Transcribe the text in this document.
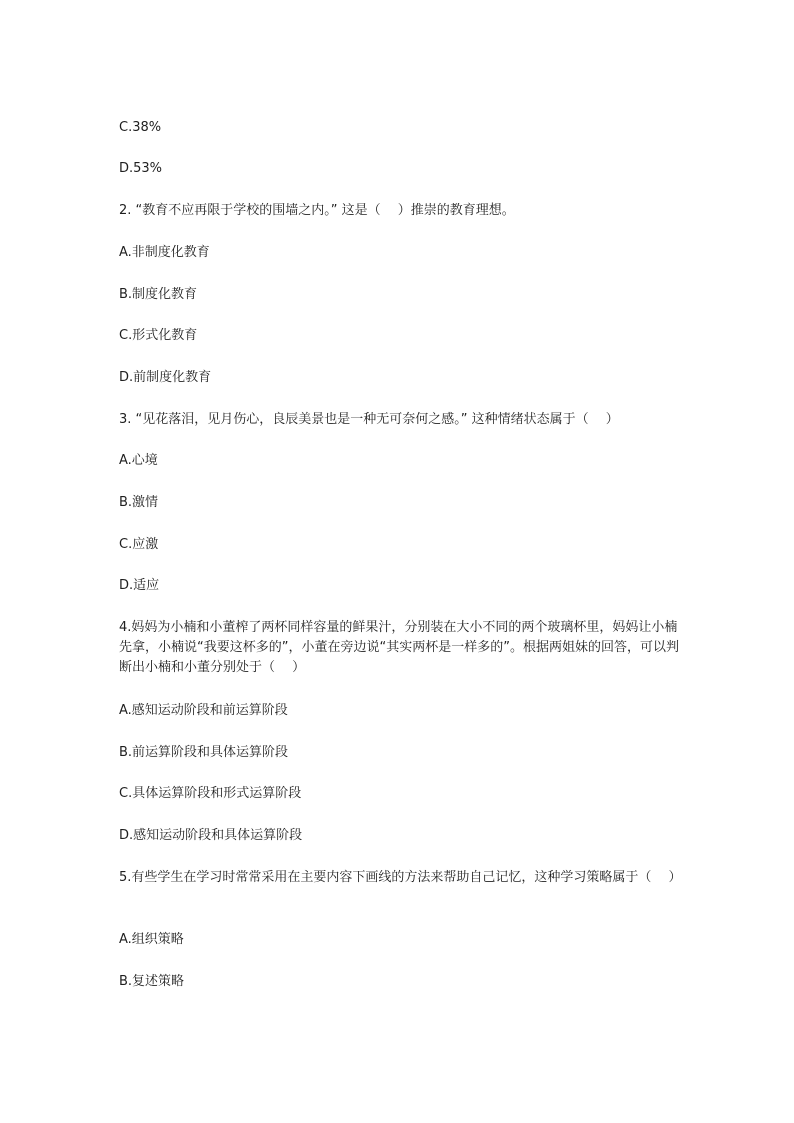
C.38%
D.53%
2. “教育不应再限于学校的围墙之内。” 这是（　 ）推崇的教育理想。
A.非制度化教育
B.制度化教育
C.形式化教育
D.前制度化教育
3. “见花落泪，见月伤心，良辰美景也是一种无可奈何之感。” 这种情绪状态属于（　 ）
A.心境
B.激情
C.应激
D.适应
4.妈妈为小楠和小董榨了两杯同样容量的鲜果汁，分别装在大小不同的两个玻璃杯里，妈妈让小楠先拿，小楠说“我要这杯多的”，小董在旁边说“其实两杯是一样多的”。根据两姐妹的回答，可以判断出小楠和小董分别处于（　 ）
A.感知运动阶段和前运算阶段
B.前运算阶段和具体运算阶段
C.具体运算阶段和形式运算阶段
D.感知运动阶段和具体运算阶段
5.有些学生在学习时常常采用在主要内容下画线的方法来帮助自己记忆，这种学习策略属于（　 ）
A.组织策略
B.复述策略
